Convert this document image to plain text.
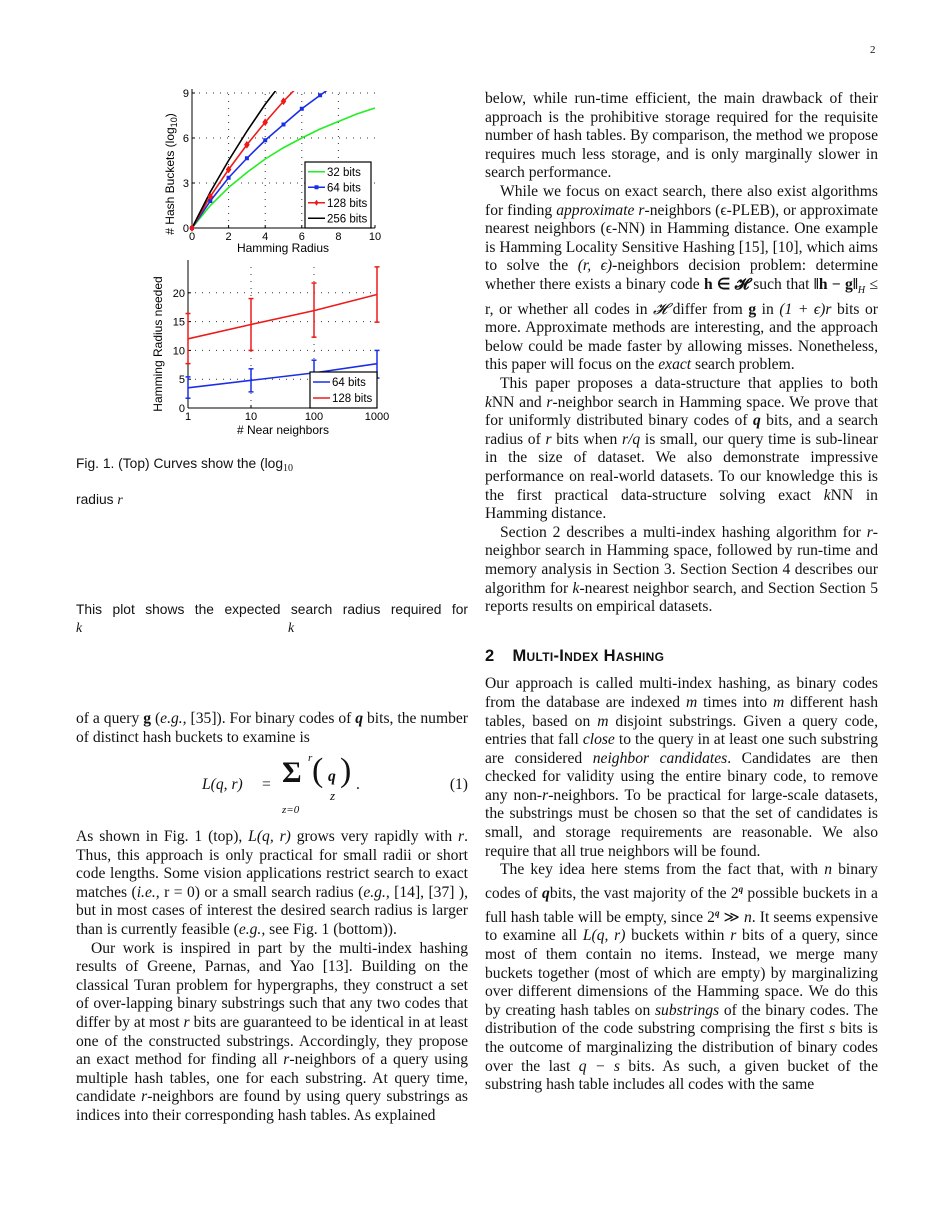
2
0
3
6
9
0	2	4	6	8 10
32 bits
64 bits
128 bits
256 bits
Hamming Radius
# Hash Buckets $(\log_{10})$
0
5
10
15
20
1	10	100	1000
64 bits
128 bits
# Near neighbors
Hamming Radius needed
Fig. 1. (Top) Curves show the ($\log_{10}$
radius r
This plot shows the expected search radius required for
k	k

of a query g (e.g., [35]). For binary codes of q bits, the number of distinct hash buckets to examine is

L(q, r) = Σ r
z=0
( q
z
) .	(1)

As shown in Fig. 1 (top), L(q, r) grows very rapidly with r. Thus, this approach is only practical for small radii or short code lengths. Some vision applications restrict search to exact matches (i.e., r = 0) or a small search radius (e.g., [14], [37] ), but in most cases of interest the desired search radius is larger than is currently feasible (e.g., see Fig. 1 (bottom)).

Our work is inspired in part by the multi-index hashing results of Greene, Parnas, and Yao [13]. Building on the classical Turan problem for hypergraphs, they construct a set of over-lapping binary substrings such that any two codes that differ by at most r bits are guaranteed to be identical in at least one of the constructed substrings. Accordingly, they propose an exact method for finding all r-neighbors of a query using multiple hash tables, one for each substring. At query time, candidate r-neighbors are found by using query substrings as indices into their corresponding hash tables. As explained

below, while run-time efficient, the main drawback of their approach is the prohibitive storage required for the requisite number of hash tables. By comparison, the method we propose requires much less storage, and is only marginally slower in search performance.

While we focus on exact search, there also exist algorithms for finding approximate r-neighbors (ϵ-PLEB), or approximate nearest neighbors (ϵ-NN) in Hamming distance. One example is Hamming Locality Sensitive Hashing [15], [10], which aims to solve the (r, ϵ)-neighbors decision problem: determine whether there exists a binary code h ∈ 𝓗 such that ‖h − $g‖_H \le r$, or whether all codes in 𝓗 differ from g in (1 + ϵ)r bits or more. Approximate methods are interesting, and the approach below could be made faster by allowing misses. Nonetheless, this paper will focus on the exact search problem.

This paper proposes a data-structure that applies to both kNN and r-neighbor search in Hamming space. We prove that for uniformly distributed binary codes of q bits, and a search radius of r bits when r/q is small, our query time is sub-linear in the size of dataset. We also demonstrate impressive performance on real-world datasets. To our knowledge this is the first practical data-structure solving exact kNN in Hamming distance.

Section 2 describes a multi-index hashing algorithm for r-neighbor search in Hamming space, followed by run-time and memory analysis in Section 3. Section Section 4 describes our algorithm for k-nearest neighbor search, and Section Section 5 reports results on empirical datasets.

2 Multi-Index Hashing

Our approach is called multi-index hashing, as binary codes from the database are indexed m times into m different hash tables, based on m disjoint substrings. Given a query code, entries that fall close to the query in at least one such substring are considered neighbor candidates. Candidates are then checked for validity using the entire binary code, to remove any non-r-neighbors. To be practical for large-scale datasets, the substrings must be chosen so that the set of candidates is small, and storage requirements are reasonable. We also require that all true neighbors will be found.

The key idea here stems from the fact that, with n binary codes of qbits, the vast majority of the 2$^q$ possible buckets in a full hash table will be empty, since 2$^q$ ≫ n. It seems expensive to examine all L(q, r) buckets within r bits of a query, since most of them contain no items. Instead, we merge many buckets together (most of which are empty) by marginalizing over different dimensions of the Hamming space. We do this by creating hash tables on substrings of the binary codes. The distribution of the code substring comprising the first s bits is the outcome of marginalizing the distribution of binary codes over the last q − s bits. As such, a given bucket of the substring hash table includes all codes with the same
